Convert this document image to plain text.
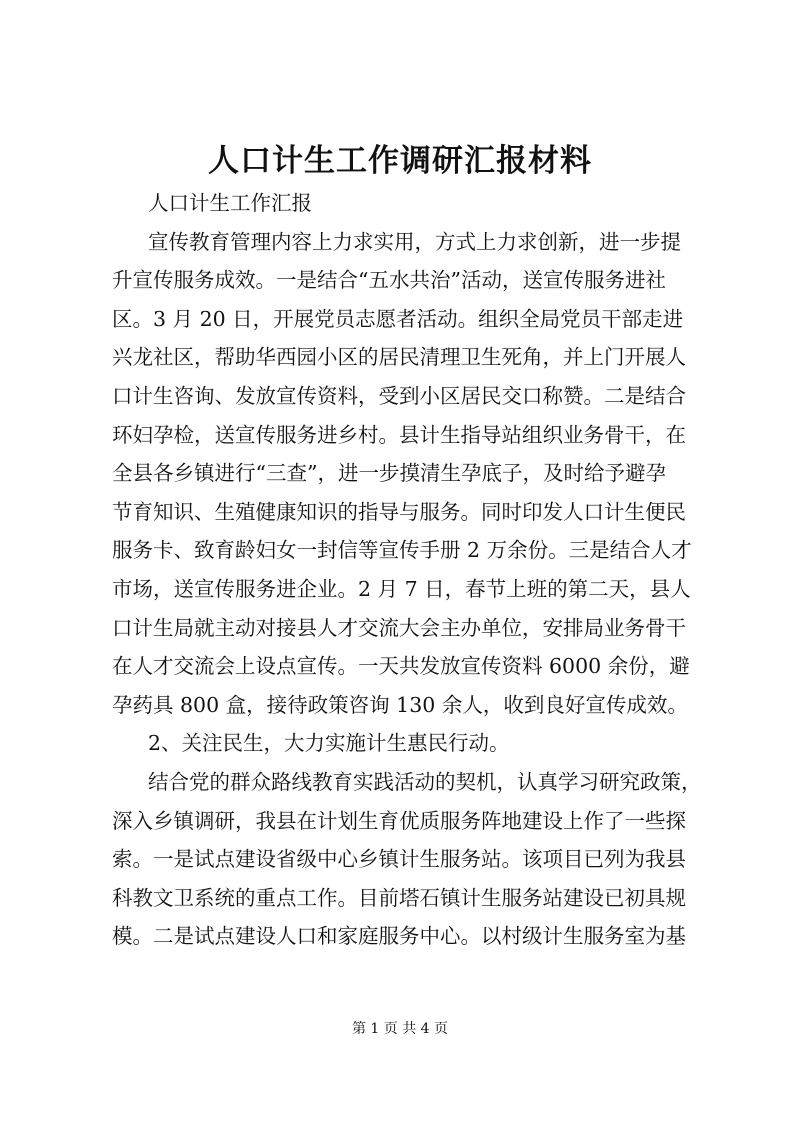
人口计生工作调研汇报材料
人口计生工作汇报
宣传教育管理内容上力求实用，方式上力求创新，进一步提
升宣传服务成效。一是结合“五水共治”活动，送宣传服务进社
区。3 月 20 日，开展党员志愿者活动。组织全局党员干部走进
兴龙社区，帮助华西园小区的居民清理卫生死角，并上门开展人
口计生咨询、发放宣传资料，受到小区居民交口称赞。二是结合
环妇孕检，送宣传服务进乡村。县计生指导站组织业务骨干，在
全县各乡镇进行“三查”，进一步摸清生孕底子，及时给予避孕
节育知识、生殖健康知识的指导与服务。同时印发人口计生便民
服务卡、致育龄妇女一封信等宣传手册 2 万余份。三是结合人才
市场，送宣传服务进企业。2 月 7 日，春节上班的第二天，县人
口计生局就主动对接县人才交流大会主办单位，安排局业务骨干
在人才交流会上设点宣传。一天共发放宣传资料 6000 余份，避
孕药具 800 盒，接待政策咨询 130 余人，收到良好宣传成效。
2、关注民生，大力实施计生惠民行动。
结合党的群众路线教育实践活动的契机，认真学习研究政策，
深入乡镇调研，我县在计划生育优质服务阵地建设上作了一些探
索。一是试点建设省级中心乡镇计生服务站。该项目已列为我县
科教文卫系统的重点工作。目前塔石镇计生服务站建设已初具规
模。二是试点建设人口和家庭服务中心。以村级计生服务室为基
第 1 页 共 4 页
